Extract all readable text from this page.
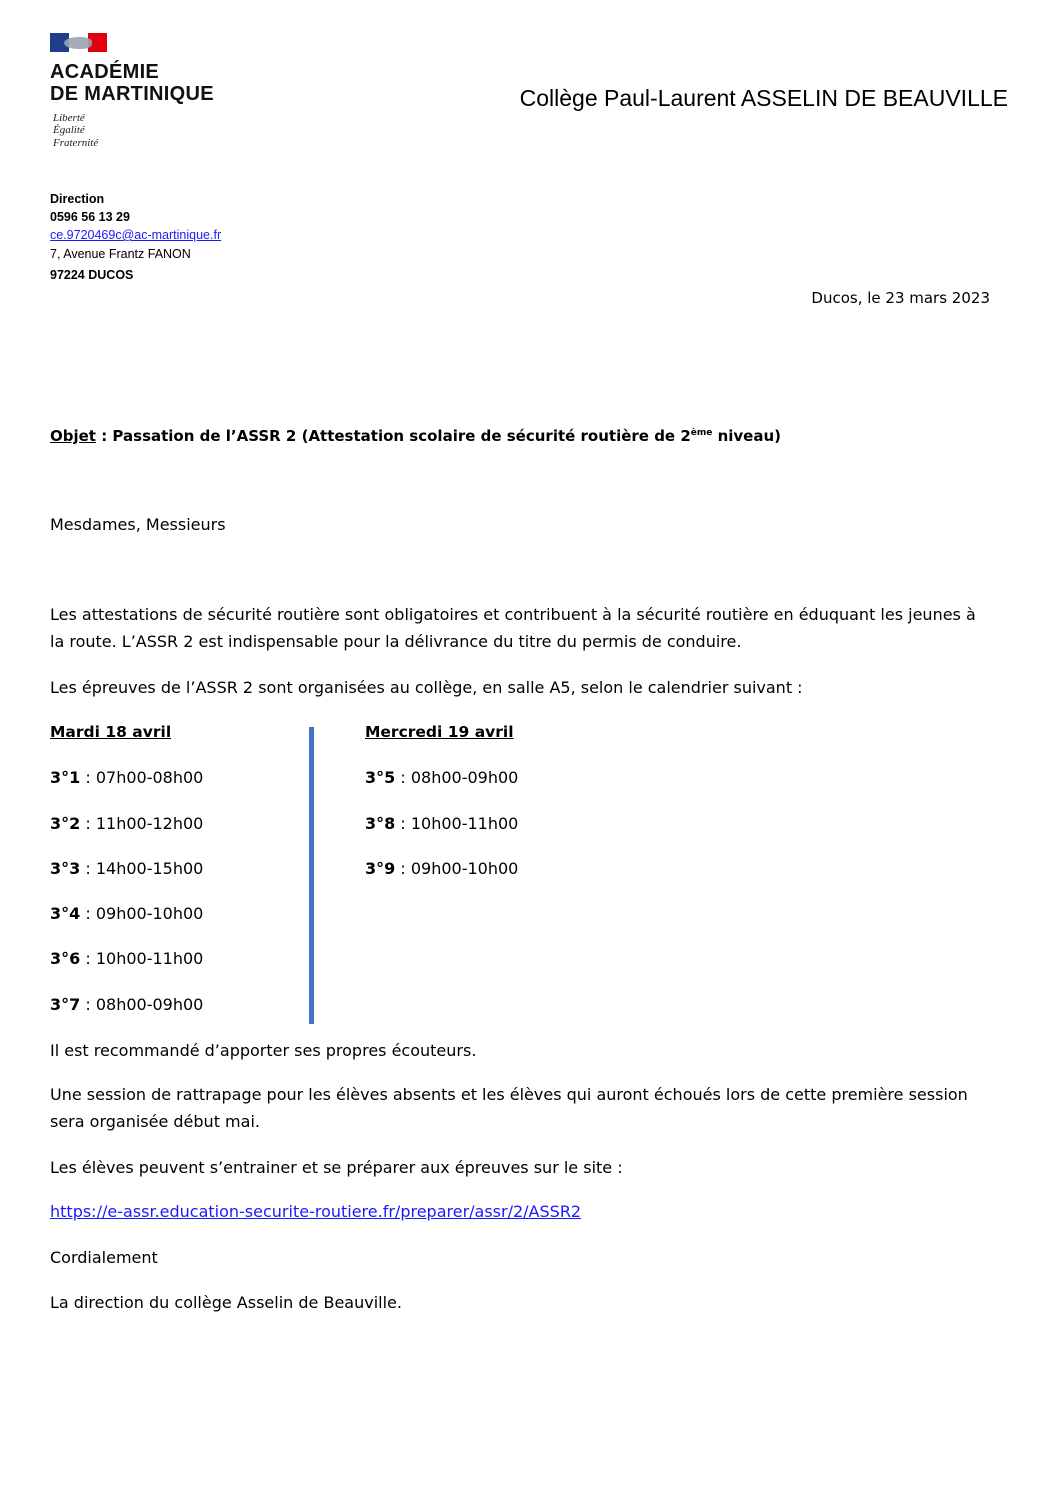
ACADÉMIE
DE MARTINIQUE
Liberté
Égalité
Fraternité
Collège Paul-Laurent ASSELIN DE BEAUVILLE
Direction
0596 56 13 29
ce.9720469c@ac-martinique.fr
7, Avenue Frantz FANON
97224 DUCOS
Ducos, le 23 mars 2023
Objet : Passation de l’ASSR 2 (Attestation scolaire de sécurité routière de 2ème niveau)
Mesdames, Messieurs
Les attestations de sécurité routière sont obligatoires et contribuent à la sécurité routière en éduquant les jeunes à la route. L’ASSR 2 est indispensable pour la délivrance du titre du permis de conduire.
Les épreuves de l’ASSR 2 sont organisées au collège, en salle A5, selon le calendrier suivant :
Mardi 18 avril	Mercredi 19 avril
3°1 : 07h00-08h00
3°2 : 11h00-12h00
3°3 : 14h00-15h00
3°4 : 09h00-10h00
3°6 : 10h00-11h00
3°7 : 08h00-09h00
3°5 : 08h00-09h00
3°8 : 10h00-11h00
3°9 : 09h00-10h00
Il est recommandé d’apporter ses propres écouteurs.
Une session de rattrapage pour les élèves absents et les élèves qui auront échoués lors de cette première session sera organisée début mai.
Les élèves peuvent s’entrainer et se préparer aux épreuves sur le site :
https://e-assr.education-securite-routiere.fr/preparer/assr/2/ASSR2
Cordialement
La direction du collège Asselin de Beauville.
